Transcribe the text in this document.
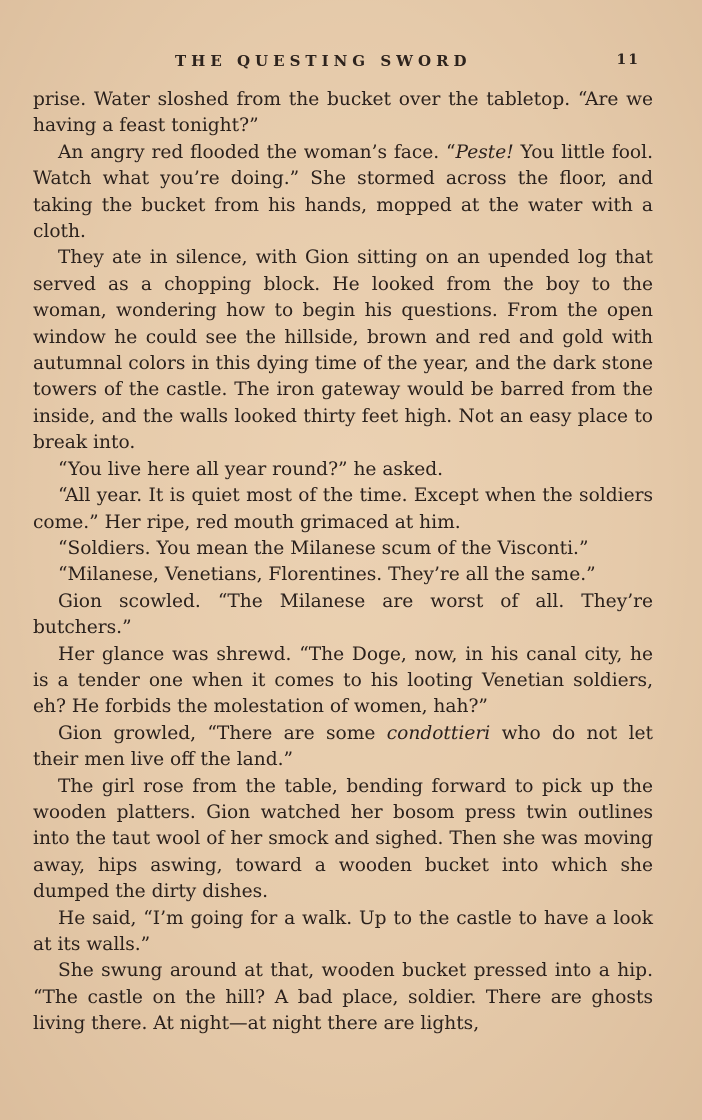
THE QUESTING SWORD	11

prise. Water sloshed from the bucket over the tabletop. “Are we having a feast tonight?”

An angry red flooded the woman’s face. “Peste! You little fool. Watch what you’re doing.” She stormed across the floor, and taking the bucket from his hands, mopped at the water with a cloth.

They ate in silence, with Gion sitting on an upended log that served as a chopping block. He looked from the boy to the woman, wondering how to begin his questions. From the open window he could see the hillside, brown and red and gold with autumnal colors in this dying time of the year, and the dark stone towers of the castle. The iron gateway would be barred from the inside, and the walls looked thirty feet high. Not an easy place to break into.

“You live here all year round?” he asked.

“All year. It is quiet most of the time. Except when the soldiers come.” Her ripe, red mouth grimaced at him.

“Soldiers. You mean the Milanese scum of the Visconti.”

“Milanese, Venetians, Florentines. They’re all the same.”

Gion scowled. “The Milanese are worst of all. They’re butchers.”

Her glance was shrewd. “The Doge, now, in his canal city, he is a tender one when it comes to his looting Venetian soldiers, eh? He forbids the molestation of women, hah?”

Gion growled, “There are some condottieri who do not let their men live off the land.”

The girl rose from the table, bending forward to pick up the wooden platters. Gion watched her bosom press twin outlines into the taut wool of her smock and sighed. Then she was moving away, hips aswing, toward a wooden bucket into which she dumped the dirty dishes.

He said, “I’m going for a walk. Up to the castle to have a look at its walls.”

She swung around at that, wooden bucket pressed into a hip. “The castle on the hill? A bad place, soldier. There are ghosts living there. At night—at night there are lights,
